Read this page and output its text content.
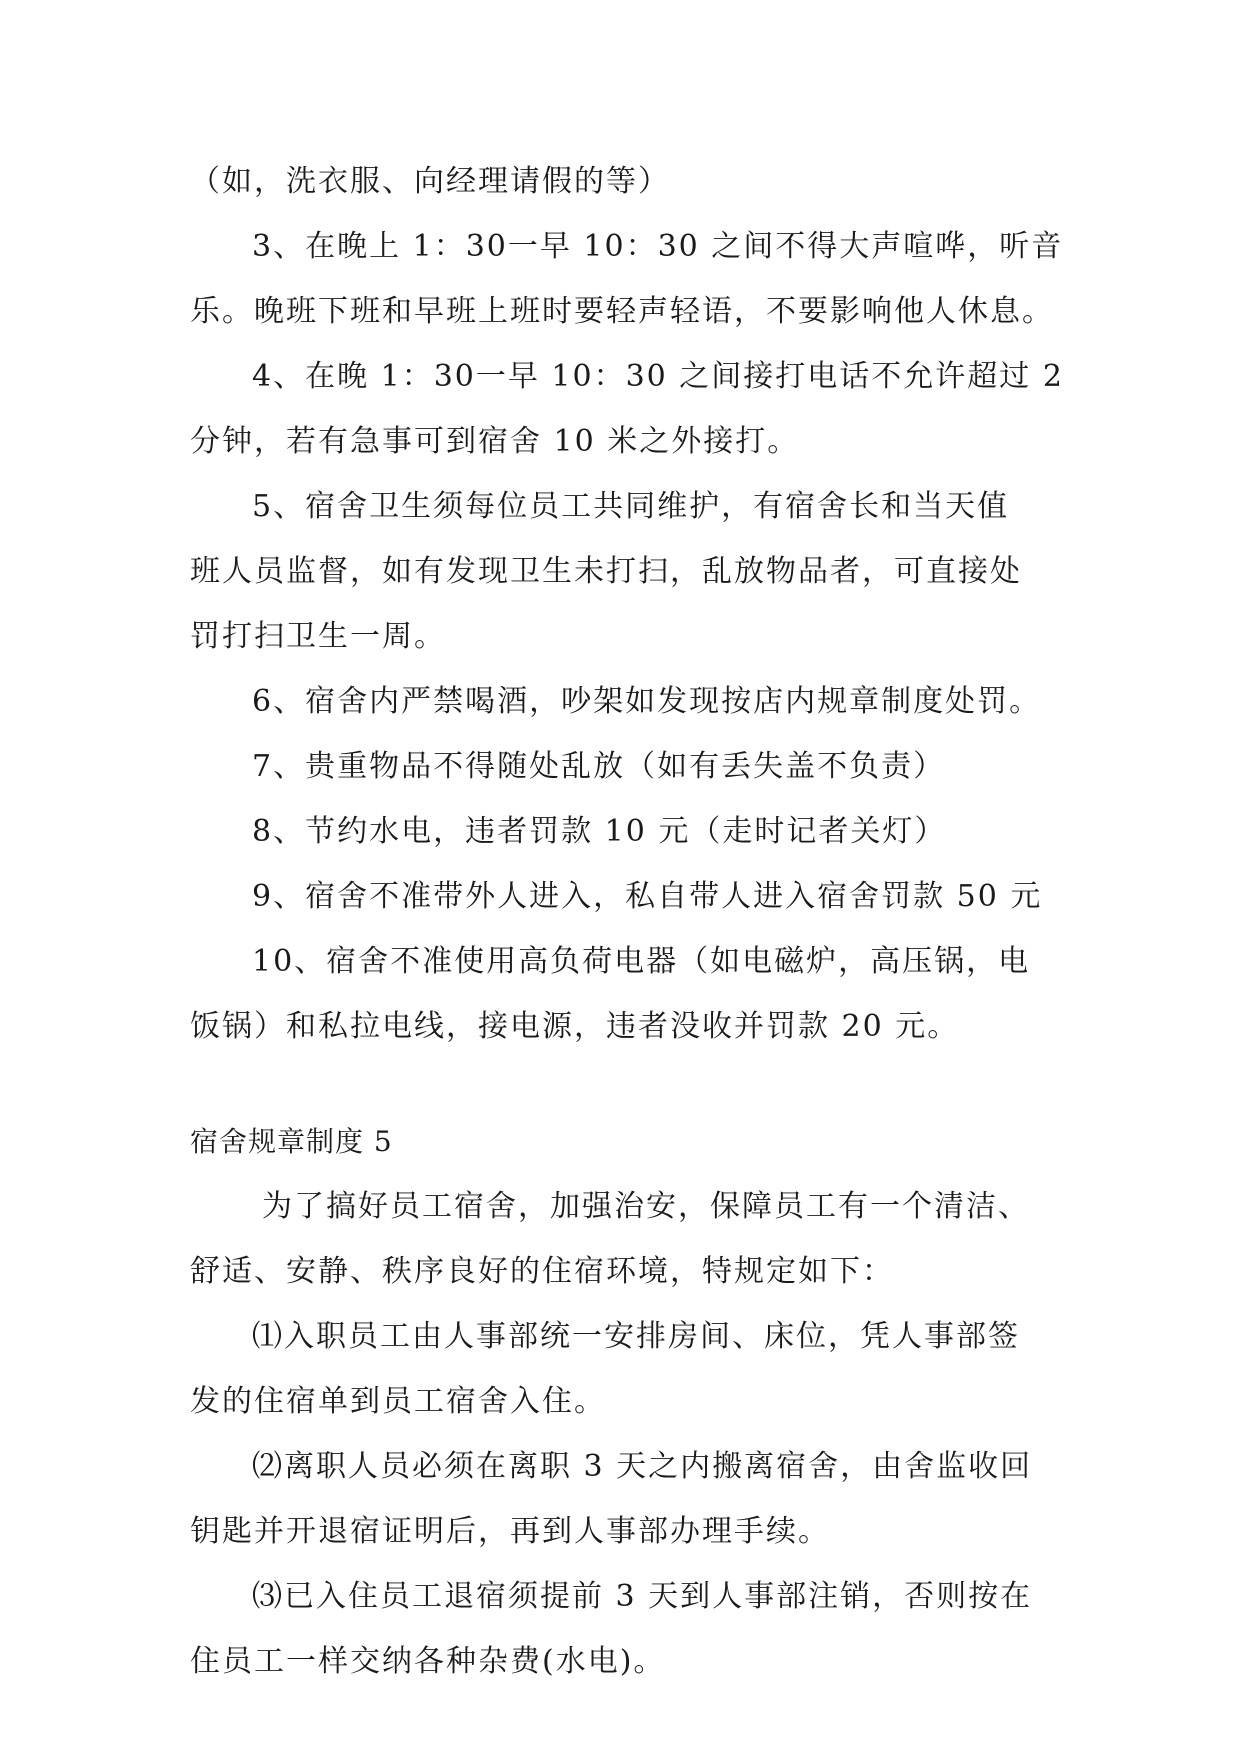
（如，洗衣服、向经理请假的等）
3、在晚上 1：30一早 10：30 之间不得大声喧哗，听音
乐。晚班下班和早班上班时要轻声轻语，不要影响他人休息。
4、在晚 1：30一早 10：30 之间接打电话不允许超过 2
分钟，若有急事可到宿舍 10 米之外接打。
5、宿舍卫生须每位员工共同维护，有宿舍长和当天值
班人员监督，如有发现卫生未打扫，乱放物品者，可直接处
罚打扫卫生一周。
6、宿舍内严禁喝酒，吵架如发现按店内规章制度处罚。
7、贵重物品不得随处乱放（如有丢失盖不负责）
8、节约水电，违者罚款 10 元（走时记者关灯）
9、宿舍不准带外人进入，私自带人进入宿舍罚款 50 元
10、宿舍不准使用高负荷电器（如电磁炉，高压锅，电
饭锅）和私拉电线，接电源，违者没收并罚款 20 元。
宿舍规章制度 5
为了搞好员工宿舍，加强治安，保障员工有一个清洁、
舒适、安静、秩序良好的住宿环境，特规定如下：
⑴入职员工由人事部统一安排房间、床位，凭人事部签
发的住宿单到员工宿舍入住。
⑵离职人员必须在离职 3 天之内搬离宿舍，由舍监收回
钥匙并开退宿证明后，再到人事部办理手续。
⑶已入住员工退宿须提前 3 天到人事部注销，否则按在
住员工一样交纳各种杂费(水电)。
